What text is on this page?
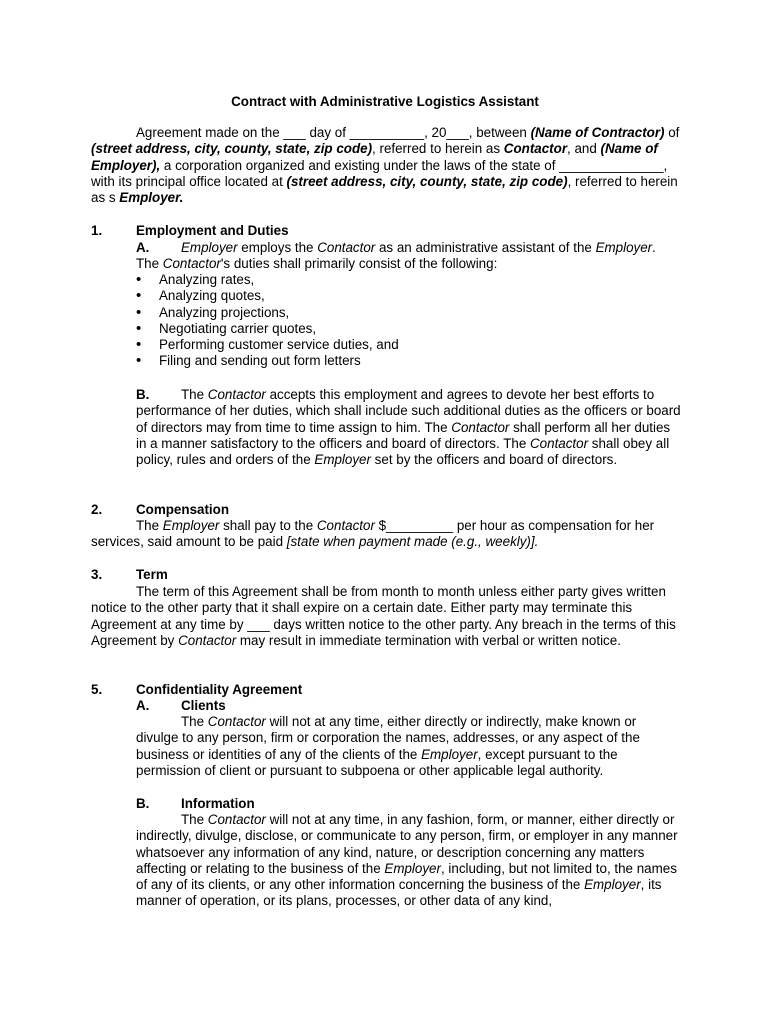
Contract with Administrative Logistics Assistant
Agreement made on the ___ day of __________, 20___, between (Name of Contractor) of (street address, city, county, state, zip code), referred to herein as Contactor, and (Name of Employer), a corporation organized and existing under the laws of the state of ______________, with its principal office located at (street address, city, county, state, zip code), referred to herein as s Employer.
1.	Employment and Duties
A. Employer employs the Contactor as an administrative assistant of the Employer. The Contactor's duties shall primarily consist of the following:
• Analyzing rates,
• Analyzing quotes,
• Analyzing projections,
• Negotiating carrier quotes,
• Performing customer service duties, and
• Filing and sending out form letters
B. The Contactor accepts this employment and agrees to devote her best efforts to performance of her duties, which shall include such additional duties as the officers or board of directors may from time to time assign to him. The Contactor shall perform all her duties in a manner satisfactory to the officers and board of directors. The Contactor shall obey all policy, rules and orders of the Employer set by the officers and board of directors.
2.	Compensation
The Employer shall pay to the Contactor $_________ per hour as compensation for her services, said amount to be paid [state when payment made (e.g., weekly)].
3.	Term
The term of this Agreement shall be from month to month unless either party gives written notice to the other party that it shall expire on a certain date. Either party may terminate this Agreement at any time by ___ days written notice to the other party. Any breach in the terms of this Agreement by Contactor may result in immediate termination with verbal or written notice.
5.	Confidentiality Agreement
A. Clients
The Contactor will not at any time, either directly or indirectly, make known or divulge to any person, firm or corporation the names, addresses, or any aspect of the business or identities of any of the clients of the Employer, except pursuant to the permission of client or pursuant to subpoena or other applicable legal authority.
B. Information
The Contactor will not at any time, in any fashion, form, or manner, either directly or indirectly, divulge, disclose, or communicate to any person, firm, or employer in any manner whatsoever any information of any kind, nature, or description concerning any matters affecting or relating to the business of the Employer, including, but not limited to, the names of any of its clients, or any other information concerning the business of the Employer, its manner of operation, or its plans, processes, or other data of any kind,
